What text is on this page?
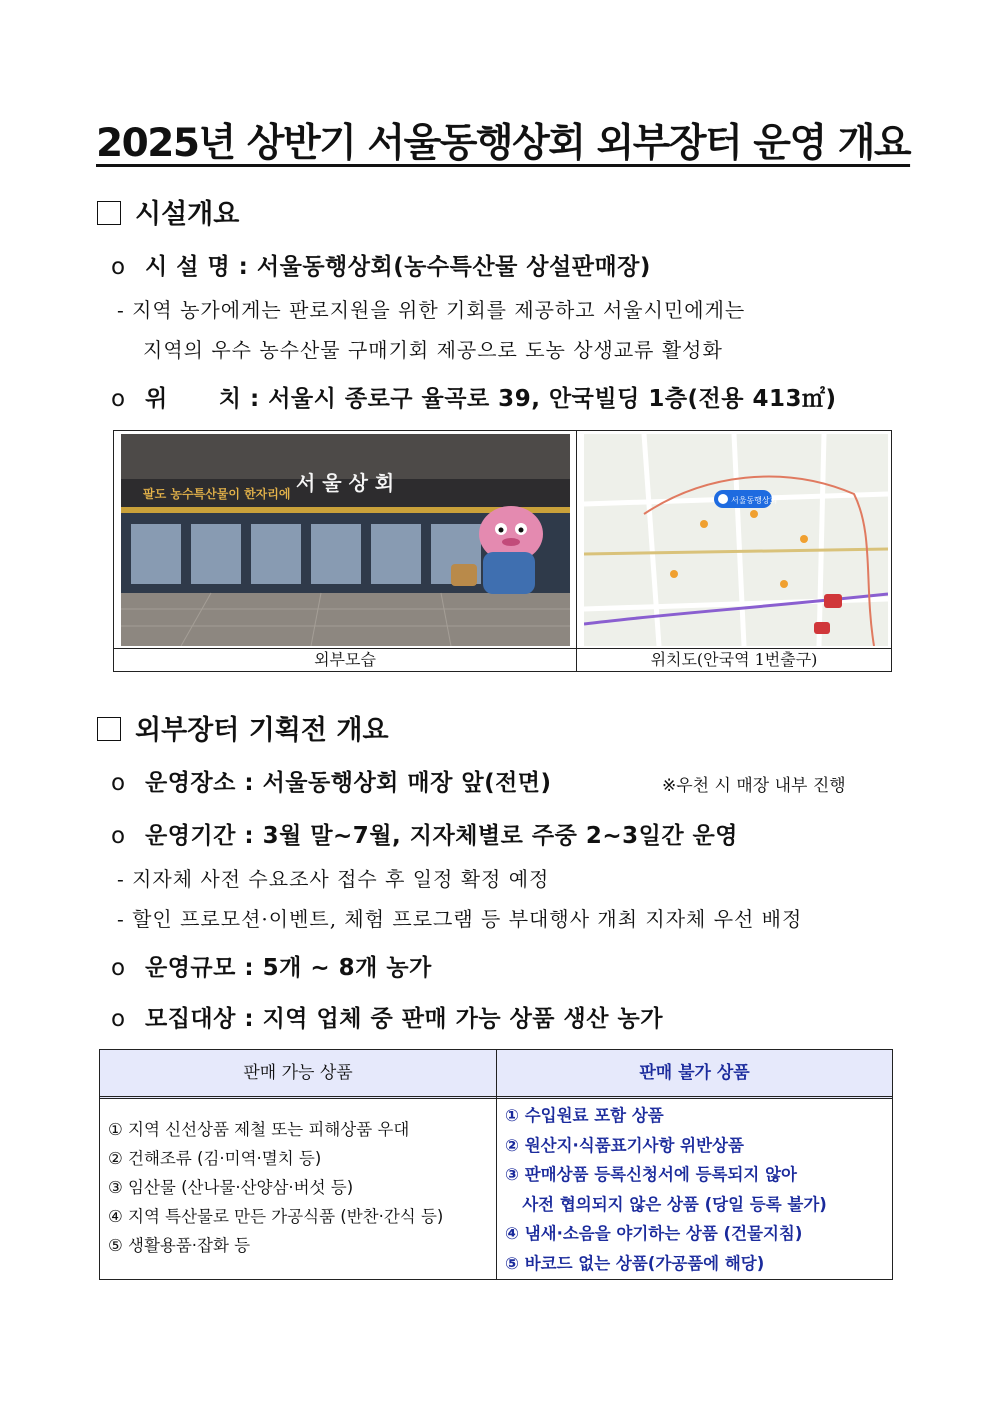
2025년 상반기 서울동행상회 외부장터 운영 개요
시설개요
o 시 설 명 : 서울동행상회(농수특산물 상설판매장)
- 지역 농가에게는 판로지원을 위한 기회를 제공하고 서울시민에게는
지역의 우수 농수산물 구매기회 제공으로 도농 상생교류 활성화
o 위      치 : 서울시 종로구 율곡로 39, 안국빌딩 1층(전용 413㎡)
팔도 농수특산물이 한자리에 서 울 상 회
서울동행상회
외부모습	위치도(안국역 1번출구)
외부장터 기획전 개요
o 운영장소 : 서울동행상회 매장 앞(전면)	※우천 시 매장 내부 진행
o 운영기간 : 3월 말~7월, 지자체별로 주중 2~3일간 운영
- 지자체 사전 수요조사 접수 후 일정 확정 예정
- 할인 프로모션·이벤트, 체험 프로그램 등 부대행사 개최 지자체 우선 배정
o 운영규모 : 5개 ~ 8개 농가
o 모집대상 : 지역 업체 중 판매 가능 상품 생산 농가
판매 가능 상품	판매 불가 상품
① 지역 신선상품 제철 또는 피해상품 우대
② 건해조류 (김·미역·멸치 등)
③ 임산물 (산나물·산양삼·버섯 등)
④ 지역 특산물로 만든 가공식품 (반찬·간식 등)
⑤ 생활용품·잡화 등
① 수입원료 포함 상품
② 원산지·식품표기사항 위반상품
③ 판매상품 등록신청서에 등록되지 않아
사전 협의되지 않은 상품 (당일 등록 불가)
④ 냄새·소음을 야기하는 상품 (건물지침)
⑤ 바코드 없는 상품(가공품에 해당)
